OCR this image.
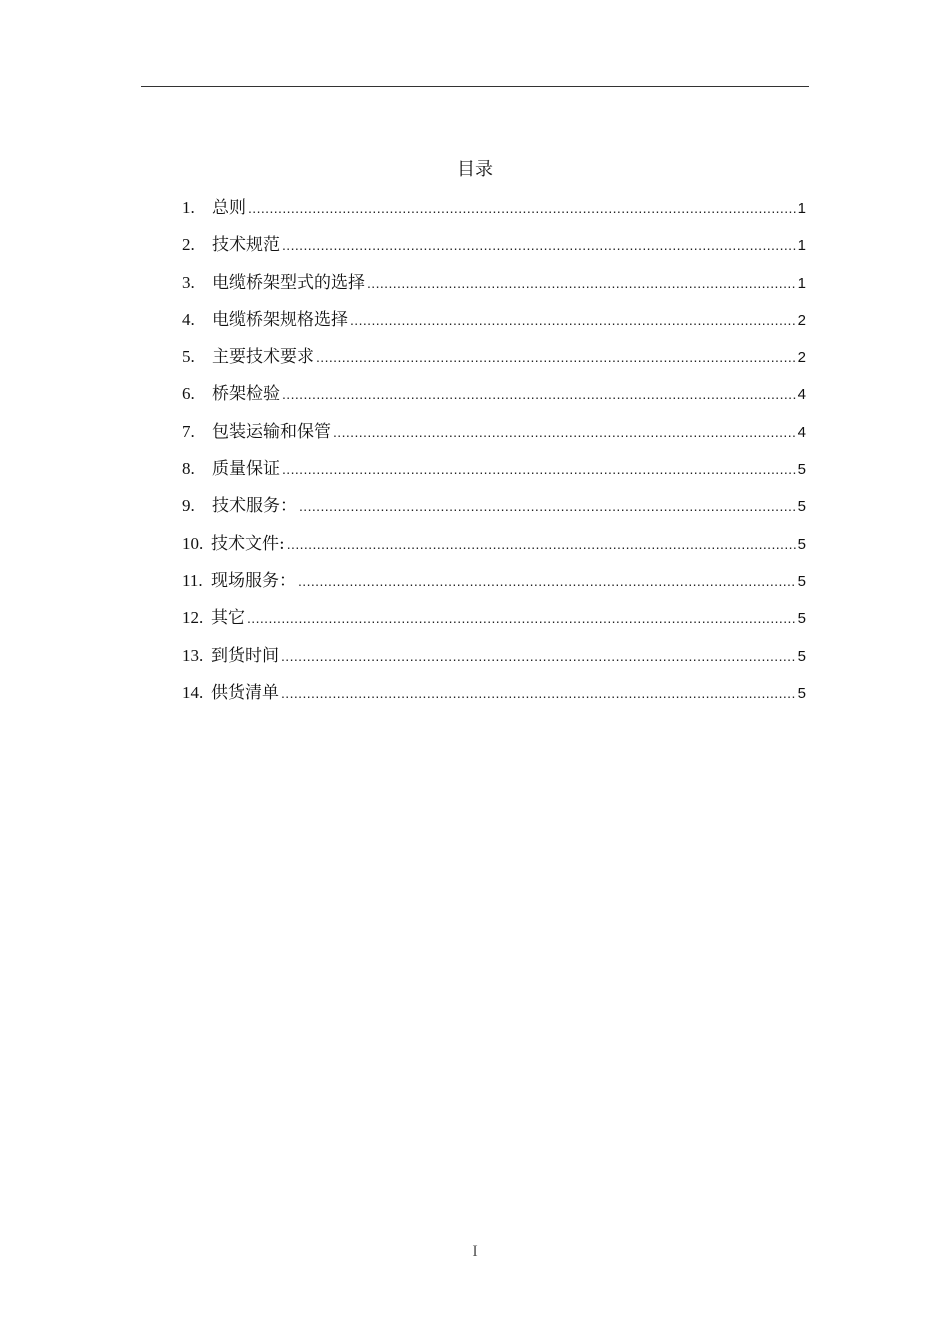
目录
1.	总则 .....	1
2.	技术规范 .....	1
3.	电缆桥架型式的选择 .....	1
4.	电缆桥架规格选择 .....	2
5.	主要技术要求 .....	2
6.	桥架检验 .....	4
7.	包装运输和保管 .....	4
8.	质量保证 .....	5
9.	技术服务： .....	5
10. 技术文件: .....	5
11. 现场服务： .....	5
12. 其它 .....	5
13. 到货时间 .....	5
14. 供货清单 .....	5
I
